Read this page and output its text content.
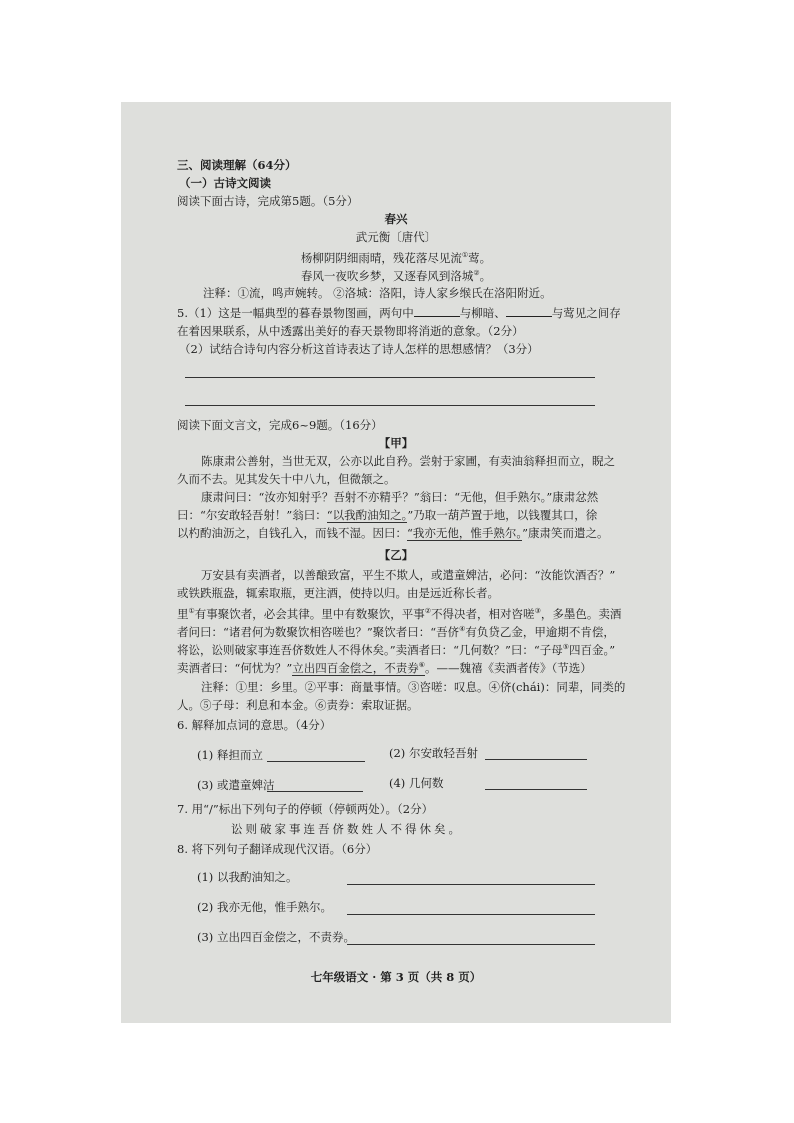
三、阅读理解（64分）
（一）古诗文阅读
阅读下面古诗，完成第5题。（5分）
春兴
武元衡〔唐代〕
杨柳阴阴细雨晴，残花落尽见流①莺。
春风一夜吹乡梦，又逐春风到洛城②。
注释：①流，鸣声婉转。 ②洛城：洛阳，诗人家乡缑氏在洛阳附近。
5.（1）这是一幅典型的暮春景物图画，两句中	与柳暗、	与莺见之间存
在着因果联系，从中透露出美好的春天景物即将消逝的意象。（2分）
（2）试结合诗句内容分析这首诗表达了诗人怎样的思想感情？（3分）
阅读下面文言文，完成6~9题。（16分）
【甲】
陈康肃公善射，当世无双，公亦以此自矜。尝射于家圃，有卖油翁释担而立，睨之
久而不去。见其发矢十中八九，但微颔之。
康肃问曰：“汝亦知射乎？吾射不亦精乎？”翁曰：“无他，但手熟尔。”康肃忿然
曰：“尔安敢轻吾射！”翁曰：“以我酌油知之。”乃取一葫芦置于地，以钱覆其口，徐
以杓酌油沥之，自钱孔入，而钱不湿。因曰：“我亦无他，惟手熟尔。”康肃笑而遣之。
【乙】
万安县有卖酒者，以善酿致富，平生不欺人，或遣童婢沽，必问：“汝能饮酒否？”
或铁跌瓶盎，辄索取瓶，更注酒，使持以归。由是远近称长者。
里①有事聚饮者，必会其律。里中有数聚饮，平事②不得决者，相对咨嗟③，多墨色。卖酒
者问曰：“诸君何为数聚饮相咨嗟也？”聚饮者曰：“吾侪④有负贷乙金，甲逾期不肯偿，
将讼，讼则破家事连吾侪数姓人不得休矣。”卖酒者曰：“几何数？”曰：“子母⑤四百金。”
卖酒者曰：“何忧为？”立出四百金偿之，不责券⑥。——魏禧《卖酒者传》（节选）
注释：①里：乡里。②平事：商量事情。③咨嗟：叹息。④侪(chái)：同辈，同类的
人。⑤子母：利息和本金。⑥责券：索取证据。
6. 解释加点词的意思。（4分）
(1) 释担而立	(2) 尔安敢轻吾射
(3) 或遣童婢沽	(4) 几何数
7. 用“/”标出下列句子的停顿（停顿两处）。（2分）
讼则破家事连吾侪数姓人不得休矣。
8. 将下列句子翻译成现代汉语。（6分）
(1) 以我酌油知之。
(2) 我亦无他，惟手熟尔。
(3) 立出四百金偿之，不责券。
七年级语文 · 第 3 页（共 8 页）
